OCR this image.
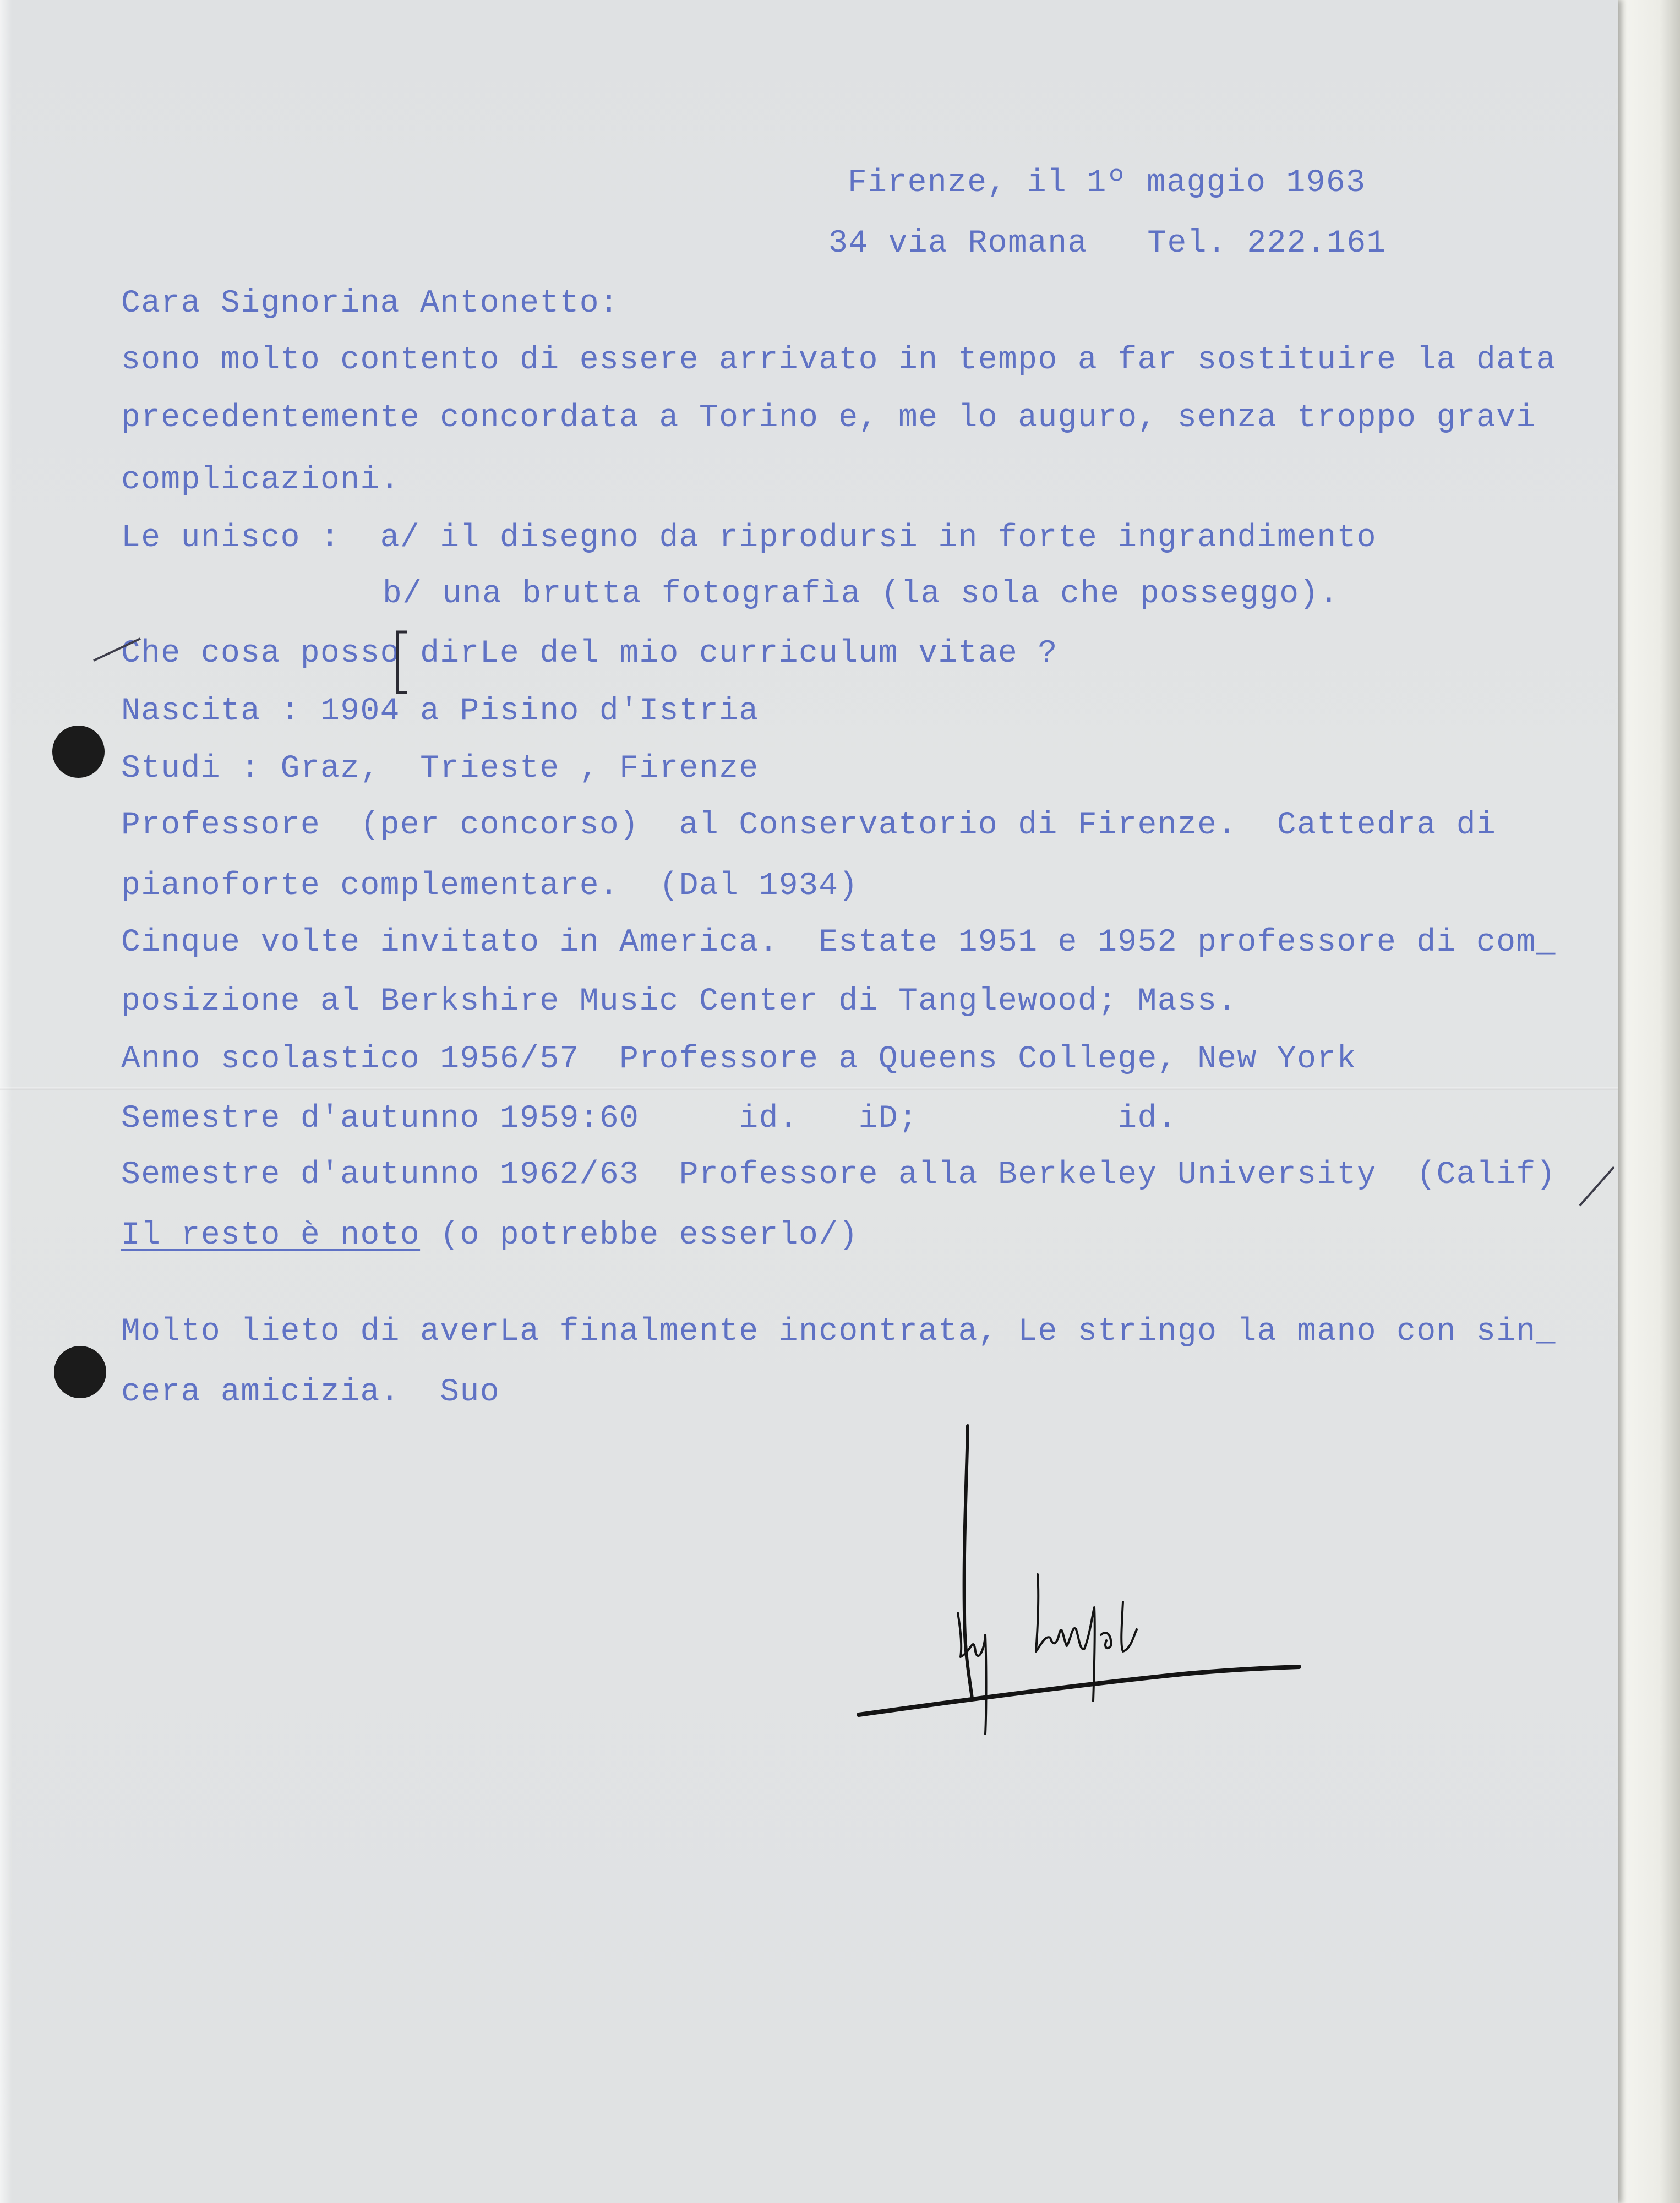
Firenze, il 1º maggio 1963

34 via Romana   Tel. 222.161

Cara Signorina Antonetto:

sono molto contento di essere arrivato in tempo a far sostituire la data

precedentemente concordata a Torino e, me lo auguro, senza troppo gravi

complicazioni.

Le unisco :  a/ il disegno da riprodursi in forte ingrandimento

b/ una brutta fotografìa (la sola che posseggo).

Che cosa posso dirLe del mio curriculum vitae ?

Nascita : 1904 a Pisino d'Istria

Studi : Graz,  Trieste , Firenze

Professore  (per concorso)  al Conservatorio di Firenze.  Cattedra di

pianoforte complementare.  (Dal 1934)

Cinque volte invitato in America.  Estate 1951 e 1952 professore di com_

posizione al Berkshire Music Center di Tanglewood; Mass.

Anno scolastico 1956/57  Professore a Queens College, New York

Semestre d'autunno 1959:60     id.   iD;          id.

Semestre d'autunno 1962/63  Professore alla Berkeley University  (Calif)

Il resto è noto (o potrebbe esserlo/)

Molto lieto di averLa finalmente incontrata, Le stringo la mano con sin_

cera amicizia.  Suo
